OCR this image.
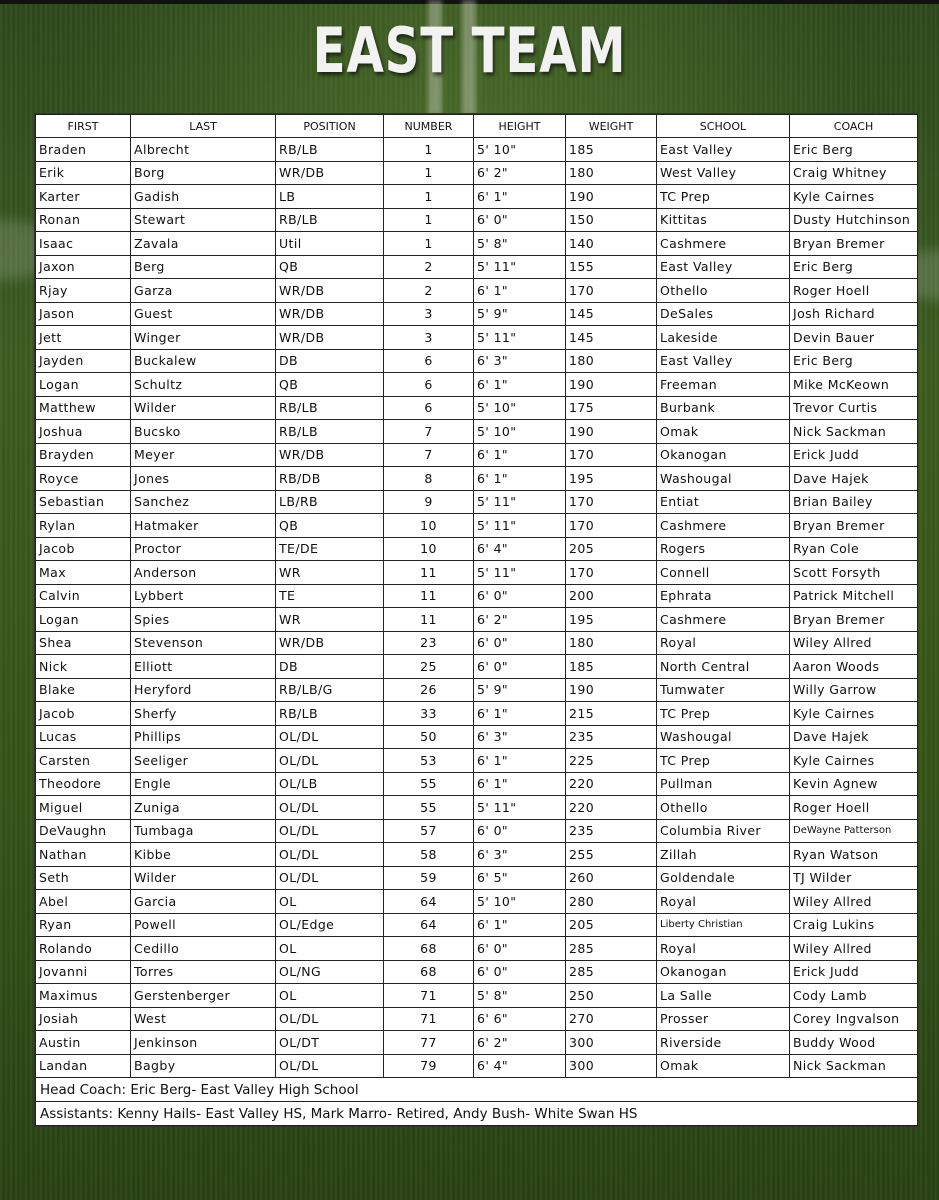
EAST TEAM
FIRST	LAST	POSITION	NUMBER	HEIGHT	WEIGHT	SCHOOL	COACH
Braden	Albrecht	RB/LB	1	5' 10"	185	East Valley	Eric Berg
Erik	Borg	WR/DB	1	6' 2"	180	West Valley	Craig Whitney
Karter	Gadish	LB	1	6' 1"	190	TC Prep	Kyle Cairnes
Ronan	Stewart	RB/LB	1	6' 0"	150	Kittitas	Dusty Hutchinson
Isaac	Zavala	Util	1	5' 8"	140	Cashmere	Bryan Bremer
Jaxon	Berg	QB	2	5' 11"	155	East Valley	Eric Berg
Rjay	Garza	WR/DB	2	6' 1"	170	Othello	Roger Hoell
Jason	Guest	WR/DB	3	5' 9"	145	DeSales	Josh Richard
Jett	Winger	WR/DB	3	5' 11"	145	Lakeside	Devin Bauer
Jayden	Buckalew	DB	6	6' 3"	180	East Valley	Eric Berg
Logan	Schultz	QB	6	6' 1"	190	Freeman	Mike McKeown
Matthew	Wilder	RB/LB	6	5' 10"	175	Burbank	Trevor Curtis
Joshua	Bucsko	RB/LB	7	5' 10"	190	Omak	Nick Sackman
Brayden	Meyer	WR/DB	7	6' 1"	170	Okanogan	Erick Judd
Royce	Jones	RB/DB	8	6' 1"	195	Washougal	Dave Hajek
Sebastian	Sanchez	LB/RB	9	5' 11"	170	Entiat	Brian Bailey
Rylan	Hatmaker	QB	10	5' 11"	170	Cashmere	Bryan Bremer
Jacob	Proctor	TE/DE	10	6' 4"	205	Rogers	Ryan Cole
Max	Anderson	WR	11	5' 11"	170	Connell	Scott Forsyth
Calvin	Lybbert	TE	11	6' 0"	200	Ephrata	Patrick Mitchell
Logan	Spies	WR	11	6' 2"	195	Cashmere	Bryan Bremer
Shea	Stevenson	WR/DB	23	6' 0"	180	Royal	Wiley Allred
Nick	Elliott	DB	25	6' 0"	185	North Central	Aaron Woods
Blake	Heryford	RB/LB/G	26	5' 9"	190	Tumwater	Willy Garrow
Jacob	Sherfy	RB/LB	33	6' 1"	215	TC Prep	Kyle Cairnes
Lucas	Phillips	OL/DL	50	6' 3"	235	Washougal	Dave Hajek
Carsten	Seeliger	OL/DL	53	6' 1"	225	TC Prep	Kyle Cairnes
Theodore	Engle	OL/LB	55	6' 1"	220	Pullman	Kevin Agnew
Miguel	Zuniga	OL/DL	55	5' 11"	220	Othello	Roger Hoell
DeVaughn	Tumbaga	OL/DL	57	6' 0"	235	Columbia River	DeWayne Patterson
Nathan	Kibbe	OL/DL	58	6' 3"	255	Zillah	Ryan Watson
Seth	Wilder	OL/DL	59	6' 5"	260	Goldendale	TJ Wilder
Abel	Garcia	OL	64	5' 10"	280	Royal	Wiley Allred
Ryan	Powell	OL/Edge	64	6' 1"	205	Liberty Christian	Craig Lukins
Rolando	Cedillo	OL	68	6' 0"	285	Royal	Wiley Allred
Jovanni	Torres	OL/NG	68	6' 0"	285	Okanogan	Erick Judd
Maximus	Gerstenberger	OL	71	5' 8"	250	La Salle	Cody Lamb
Josiah	West	OL/DL	71	6' 6"	270	Prosser	Corey Ingvalson
Austin	Jenkinson	OL/DT	77	6' 2"	300	Riverside	Buddy Wood
Landan	Bagby	OL/DL	79	6' 4"	300	Omak	Nick Sackman
Head Coach: Eric Berg- East Valley High School							
Assistants: Kenny Hails- East Valley HS, Mark Marro- Retired, Andy Bush- White Swan HS							
